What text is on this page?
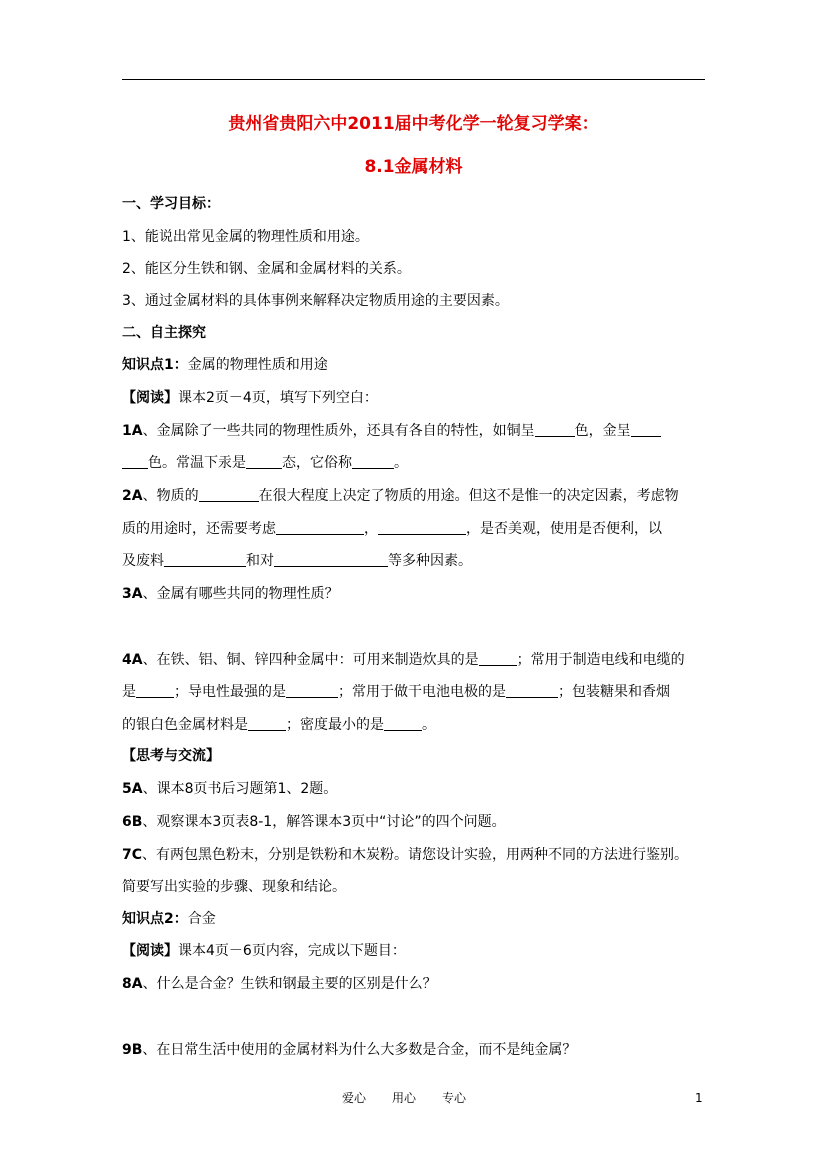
贵州省贵阳六中2011届中考化学一轮复习学案：
8.1金属材料
一、学习目标：
1、能说出常见金属的物理性质和用途。
2、能区分生铁和钢、金属和金属材料的关系。
3、通过金属材料的具体事例来解释决定物质用途的主要因素。
二、自主探究
知识点1：金属的物理性质和用途
【阅读】课本2页－4页，填写下列空白：
1A、金属除了一些共同的物理性质外，还具有各自的特性，如铜呈	色，金呈
色。常温下汞是	态，它俗称	。
2A、物质的	在很大程度上决定了物质的用途。但这不是惟一的决定因素，考虑物
质的用途时，还需要考虑	，	，是否美观，使用是否便利，以
及废料	和对	等多种因素。
3A、金属有哪些共同的物理性质？
4A、在铁、铝、铜、锌四种金属中：可用来制造炊具的是	；常用于制造电线和电缆的
是	；导电性最强的是	；常用于做干电池电极的是	；包装糖果和香烟
的银白色金属材料是	；密度最小的是	。
【思考与交流】
5A、课本8页书后习题第1、2题。
6B、观察课本3页表8-1，解答课本3页中“讨论”的四个问题。
7C、有两包黑色粉末，分别是铁粉和木炭粉。请您设计实验，用两种不同的方法进行鉴别。
简要写出实验的步骤、现象和结论。
知识点2：合金
【阅读】课本4页－6页内容，完成以下题目：
8A、什么是合金？生铁和钢最主要的区别是什么？
9B、在日常生活中使用的金属材料为什么大多数是合金，而不是纯金属？
爱心 用心 专心	1
